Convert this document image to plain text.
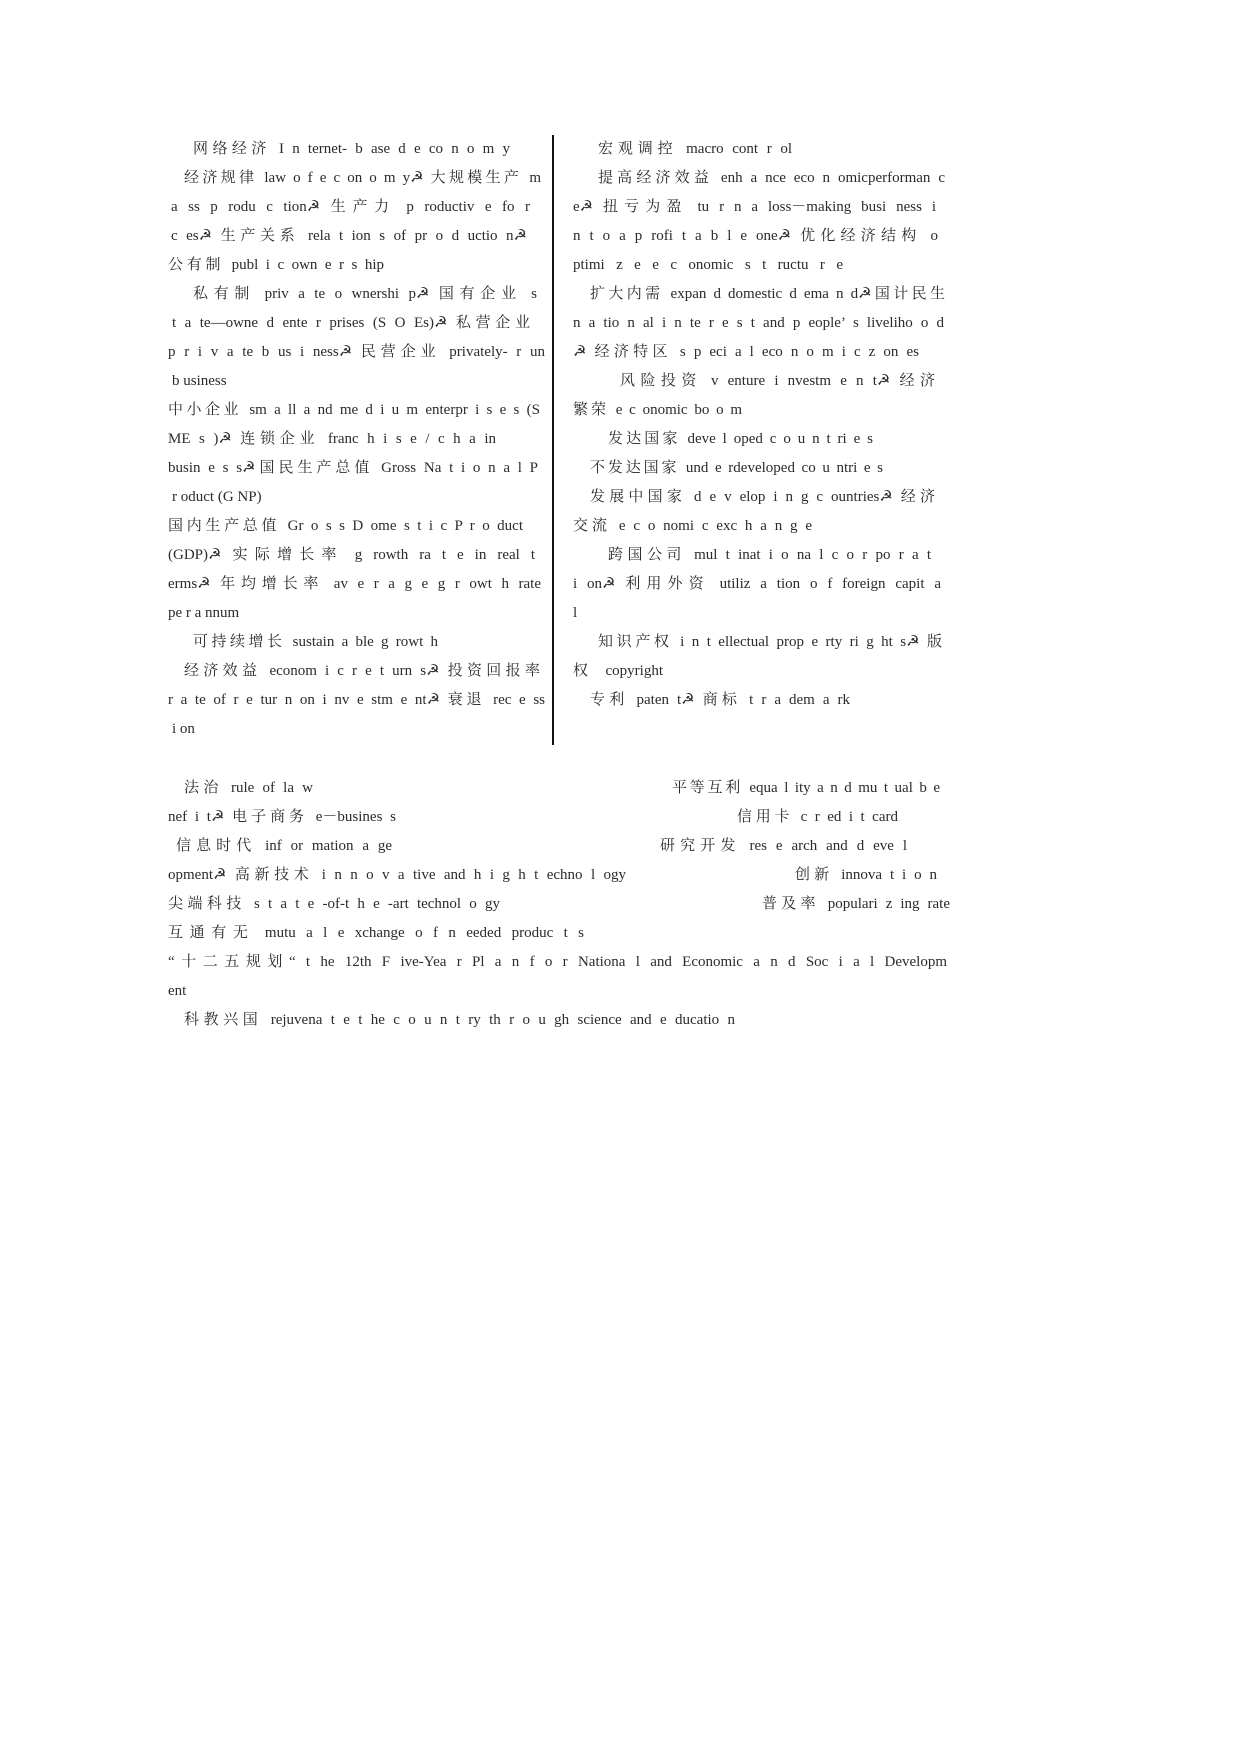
网络经济 I n ternet- b ase d e co n o m y
经济规律 law o f e c on o m y☭ 大规模生产 m
a ss p rodu c tion☭ 生产力 p roductiv e fo r
c es☭ 生产关系 rela t ion s of pr o d uctio n☭
公有制 publ i c own e r s hip
私有制 priv a te o wnershi p☭ 国有企业 s
t a te—owne d ente r prises (S O Es)☭ 私营企业
p r i v a te b us i ness☭ 民营企业 privately- r un
b usiness
中小企业 sm a ll a nd me d i u m enterpr i s e s (S
ME s )☭ 连锁企业 franc h i s e / c h a in
busin e s s☭国民生产总值 Gross Na t i o n a l P
r oduct (G NP)
国内生产总值 Gr o s s D ome s t i c P r o duct
(GDP)☭ 实际增长率 g rowth ra t e in real t
erms☭ 年均增长率 av e r a g e g r owt h rate
pe r a nnum
可持续增长 sustain a ble g rowt h
经济效益 econom i c r e t urn s☭ 投资回报率
r a te of r e tur n on i nv e stm e nt☭ 衰退 rec e ss
i on
宏观调控 macro cont r ol
提高经济效益 enh a nce eco n omicperforman c
e☭ 扭亏为盈 tu r n a loss－making busi ness i
n t o a p rofi t a b l e one☭ 优化经济结构 o
ptimi z e e c onomic s t ructu r e
扩大内需 expan d domestic d ema n d☭国计民生
n a tio n al i n te r e s t and p eople’ s liveliho o d
☭ 经济特区 s p eci a l eco n o m i c z on es
风险投资 v enture i nvestm e n t☭ 经济
繁荣 e c onomic bo o m
发达国家 deve l oped c o u n t ri e s
不发达国家 und e rdeveloped co u ntri e s
发展中国家 d e v elop i n g c ountries☭ 经济
交流 e c o nomi c exc h a n g e
跨国公司 mul t inat i o na l c o r po r a t
i on☭ 利用外资 utiliz a tion o f foreign capit a
l
知识产权 i n t ellectual prop e rty ri g ht s☭ 版
权 copyright
专利 paten t☭ 商标 t r a dem a rk
法治 rule of la w	平等互利 equa l ity a n d mu t ual b e
nef i t☭ 电子商务 e－busines s	信用卡 c r ed i t card
信息时代 inf or mation a ge	研究开发 res e arch and d eve l
opment☭ 高新技术 i n n o v a tive and h i g h t echno l ogy	创新 innova t i o n
尖端科技 s t a t e -of-t h e -art technol o gy	普及率 populari z ing rate
互通有无 mutu a l e xchange o f n eeded produc t s
“十二五规划“ t he 12th F ive-Yea r Pl a n f o r Nationa l and Economic a n d Soc i a l Developm
ent
科教兴国 rejuvena t e t he c o u n t ry th r o u gh science and e ducatio n
